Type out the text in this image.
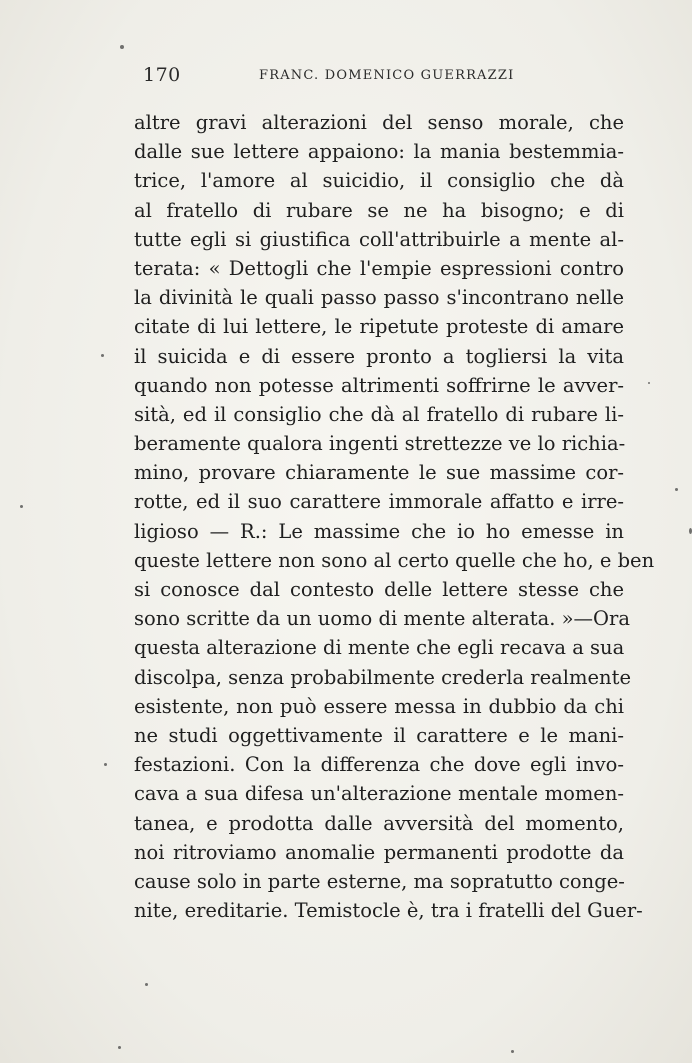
170	FRANC. DOMENICO GUERRAZZI
altre gravi alterazioni del senso morale, che
dalle sue lettere appaiono: la mania bestemmia-
trice, l'amore al suicidio, il consiglio che dà
al fratello di rubare se ne ha bisogno; e di
tutte egli si giustifica coll'attribuirle a mente al-
terata: « Dettogli che l'empie espressioni contro
la divinità le quali passo passo s'incontrano nelle
citate di lui lettere, le ripetute proteste di amare
il suicida e di essere pronto a togliersi la vita
quando non potesse altrimenti soffrirne le avver-
sità, ed il consiglio che dà al fratello di rubare li-
beramente qualora ingenti strettezze ve lo richia-
mino, provare chiaramente le sue massime cor-
rotte, ed il suo carattere immorale affatto e irre-
ligioso — R.: Le massime che io ho emesse in
queste lettere non sono al certo quelle che ho, e ben
si conosce dal contesto delle lettere stesse che
sono scritte da un uomo di mente alterata. »—Ora
questa alterazione di mente che egli recava a sua
discolpa, senza probabilmente crederla realmente
esistente, non può essere messa in dubbio da chi
ne studi oggettivamente il carattere e le mani-
festazioni. Con la differenza che dove egli invo-
cava a sua difesa un'alterazione mentale momen-
tanea, e prodotta dalle avversità del momento,
noi ritroviamo anomalie permanenti prodotte da
cause solo in parte esterne, ma sopratutto conge-
nite, ereditarie. Temistocle è, tra i fratelli del Guer-
